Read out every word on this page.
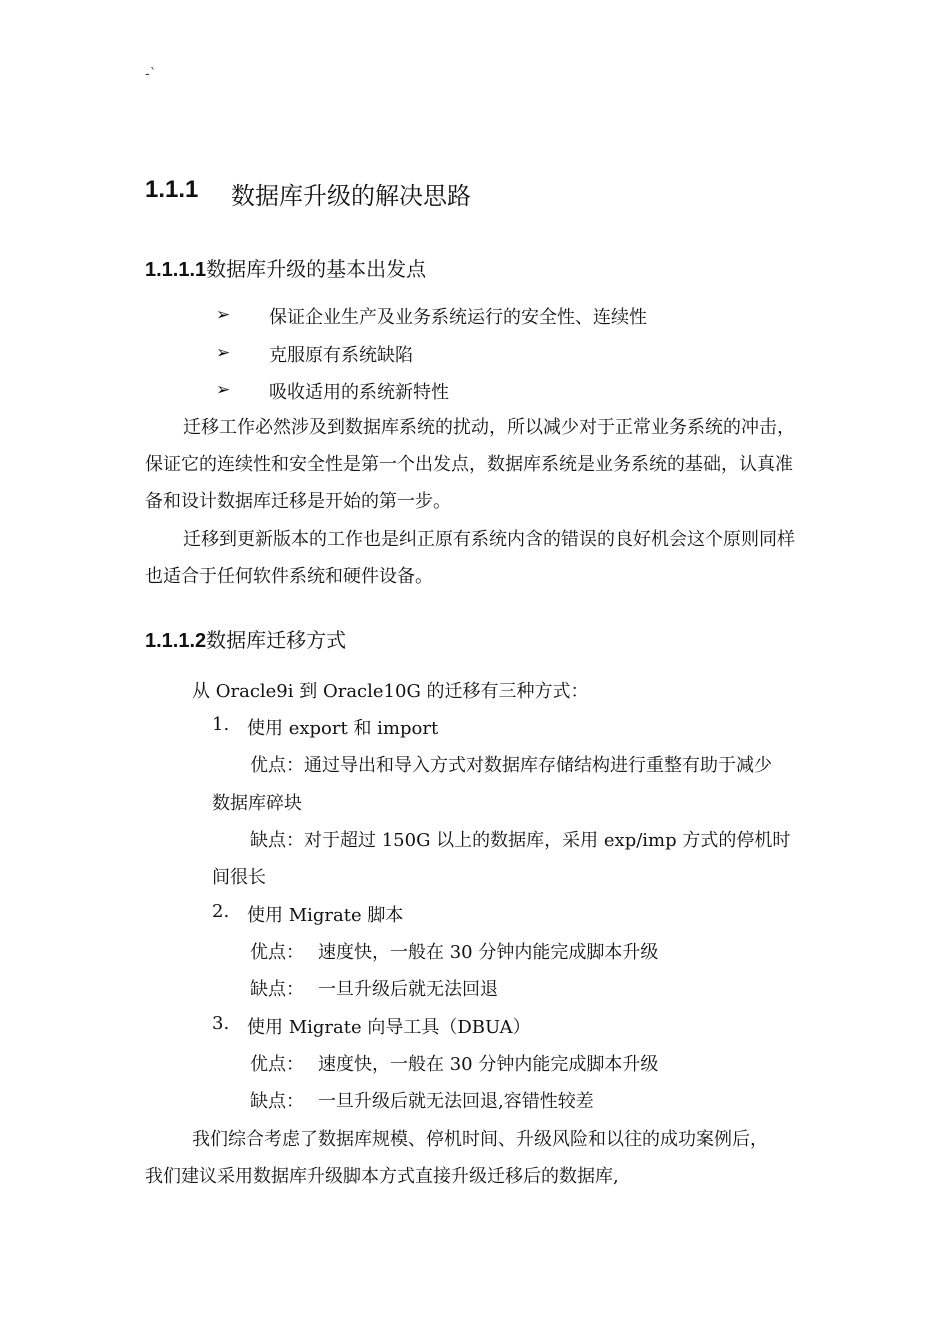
-`
1.1.1 数据库升级的解决思路
1.1.1.1数据库升级的基本出发点
➢ 保证企业生产及业务系统运行的安全性、连续性
➢ 克服原有系统缺陷
➢ 吸收适用的系统新特性
迁移工作必然涉及到数据库系统的扰动，所以减少对于正常业务系统的冲击，保证它的连续性和安全性是第一个出发点，数据库系统是业务系统的基础，认真准备和设计数据库迁移是开始的第一步。
迁移到更新版本的工作也是纠正原有系统内含的错误的良好机会这个原则同样也适合于任何软件系统和硬件设备。
1.1.1.2数据库迁移方式
从 Oracle9i 到 Oracle10G 的迁移有三种方式：
1. 使用 export 和 import
优点：通过导出和导入方式对数据库存储结构进行重整有助于减少
数据库碎块
缺点：对于超过 150G 以上的数据库，采用 exp/imp 方式的停机时
间很长
2. 使用 Migrate 脚本
优点： 速度快，一般在 30 分钟内能完成脚本升级
缺点： 一旦升级后就无法回退
3. 使用 Migrate 向导工具（DBUA）
优点： 速度快，一般在 30 分钟内能完成脚本升级
缺点： 一旦升级后就无法回退,容错性较差
我们综合考虑了数据库规模、停机时间、升级风险和以往的成功案例后，
我们建议采用数据库升级脚本方式直接升级迁移后的数据库,
